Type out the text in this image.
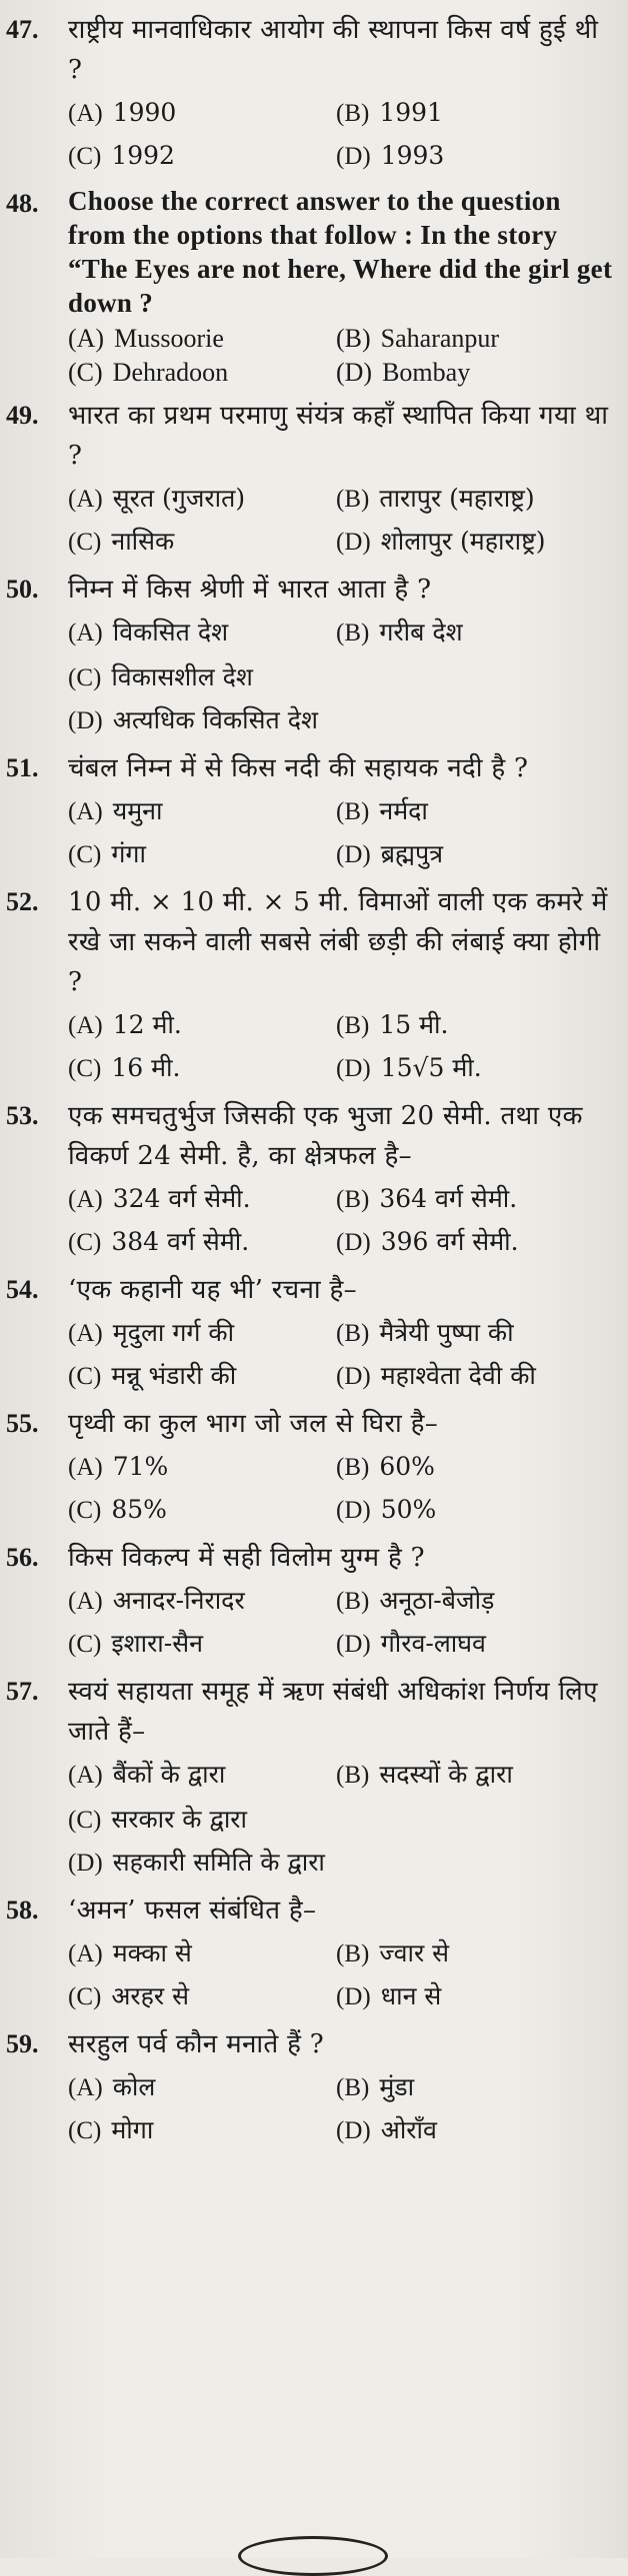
47.	राष्ट्रीय मानवाधिकार आयोग की स्थापना किस वर्ष हुई थी ?

(A) 1990	(B) 1991
(C) 1992	(D) 1993
48.	Choose the correct answer to the question from the options that follow : In the story “The Eyes are not here, Where did the girl get down ?

(A) Mussoorie	(B) Saharanpur
(C) Dehradoon	(D) Bombay
49.	भारत का प्रथम परमाणु संयंत्र कहाँ स्थापित किया गया था ?

(A) सूरत (गुजरात)	(B) तारापुर (महाराष्ट्र)
(C) नासिक	(D) शोलापुर (महाराष्ट्र)
50.	निम्न में किस श्रेणी में भारत आता है ?

(A) विकसित देश	(B) गरीब देश
(C) विकासशील देश
(D) अत्यधिक विकसित देश
51.	चंबल निम्न में से किस नदी की सहायक नदी है ?

(A) यमुना	(B) नर्मदा
(C) गंगा	(D) ब्रह्मपुत्र
52.	10 मी. × 10 मी. × 5 मी. विमाओं वाली एक कमरे में रखे जा सकने वाली सबसे लंबी छड़ी की लंबाई क्या होगी ?

(A) 12 मी.	(B) 15 मी.
(C) 16 मी.	(D) 15√5 मी.
53.	एक समचतुर्भुज जिसकी एक भुजा 20 सेमी. तथा एक विकर्ण 24 सेमी. है, का क्षेत्रफल है–

(A) 324 वर्ग सेमी.	(B) 364 वर्ग सेमी.
(C) 384 वर्ग सेमी.	(D) 396 वर्ग सेमी.
54.	‘एक कहानी यह भी’ रचना है–

(A) मृदुला गर्ग की	(B) मैत्रेयी पुष्पा की
(C) मन्नू भंडारी की	(D) महाश्वेता देवी की
55.	पृथ्वी का कुल भाग जो जल से घिरा है–

(A) 71%	(B) 60%
(C) 85%	(D) 50%
56.	किस विकल्प में सही विलोम युग्म है ?

(A) अनादर-निरादर	(B) अनूठा-बेजोड़
(C) इशारा-सैन	(D) गौरव-लाघव
57.	स्वयं सहायता समूह में ऋण संबंधी अधिकांश निर्णय लिए जाते हैं–

(A) बैंकों के द्वारा	(B) सदस्यों के द्वारा
(C) सरकार के द्वारा
(D) सहकारी समिति के द्वारा
58.	‘अमन’ फसल संबंधित है–

(A) मक्का से	(B) ज्वार से
(C) अरहर से	(D) धान से
59.	सरहुल पर्व कौन मनाते हैं ?

(A) कोल	(B) मुंडा
(C) मोगा	(D) ओराँव
